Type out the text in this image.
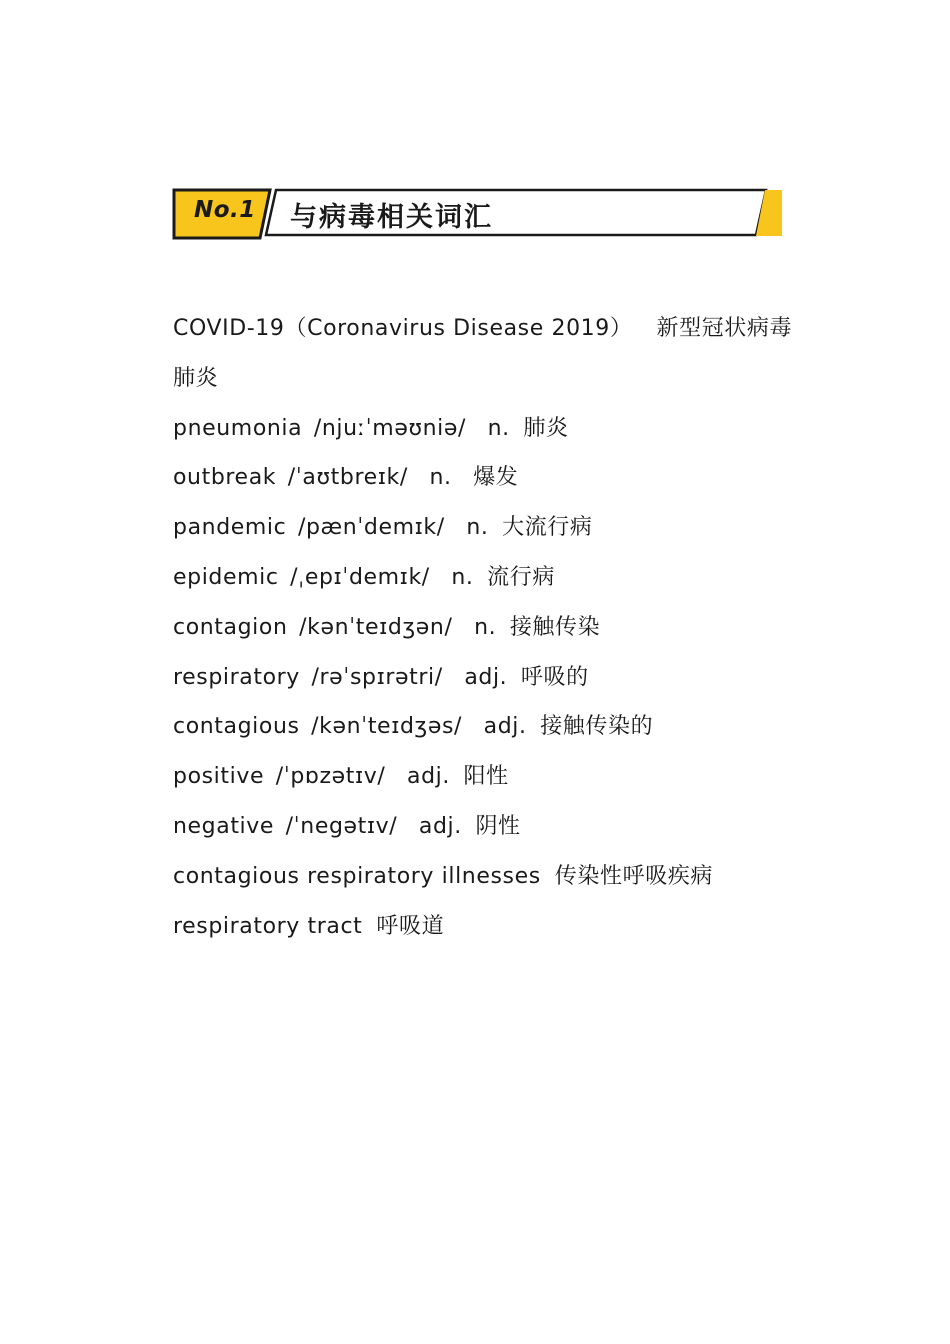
No.1	与病毒相关词汇
COVID-19（Coronavirus Disease 2019） 新型冠状病毒肺炎
pneumonia /njuːˈməʊniə/ n. 肺炎
outbreak /ˈaʊtbreɪk/ n. 爆发
pandemic /pænˈdemɪk/ n. 大流行病
epidemic /ˌepɪˈdemɪk/ n. 流行病
contagion /kənˈteɪdʒən/ n. 接触传染
respiratory /rəˈspɪrətri/ adj. 呼吸的
contagious /kənˈteɪdʒəs/ adj. 接触传染的
positive /ˈpɒzətɪv/ adj. 阳性
negative /ˈnegətɪv/ adj. 阴性
contagious respiratory illnesses 传染性呼吸疾病
respiratory tract 呼吸道
